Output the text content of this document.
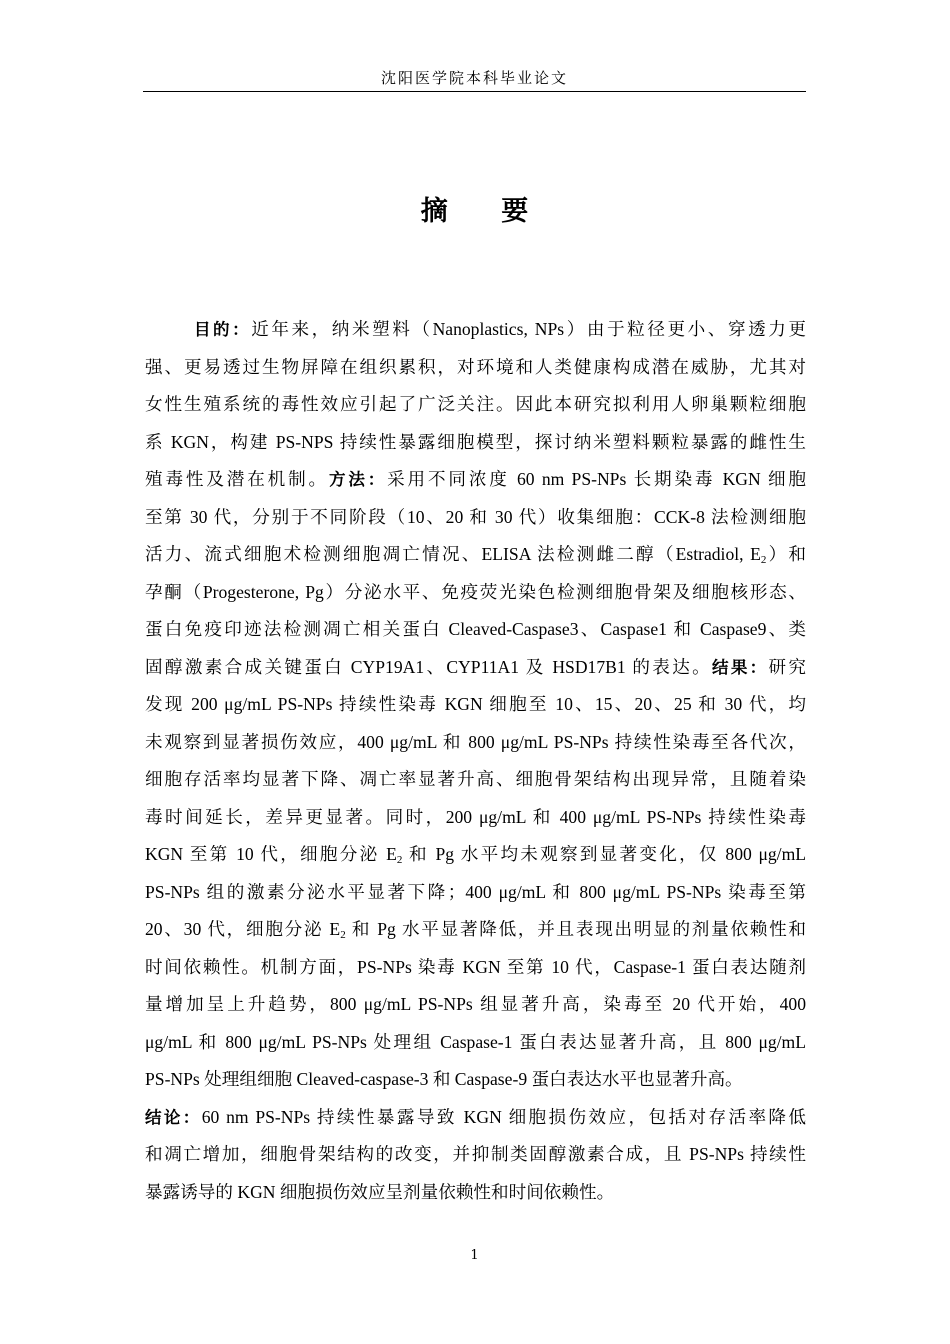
沈阳医学院本科毕业论文
摘 要
目的：近年来，纳米塑料（Nanoplastics, NPs）由于粒径更小、穿透力更
强、更易透过生物屏障在组织累积，对环境和人类健康构成潜在威胁，尤其对
女性生殖系统的毒性效应引起了广泛关注。因此本研究拟利用人卵巢颗粒细胞
系 KGN，构建 PS-NPS 持续性暴露细胞模型，探讨纳米塑料颗粒暴露的雌性生
殖毒性及潜在机制。方法：采用不同浓度 60 nm PS-NPs 长期染毒 KGN 细胞
至第 30 代，分别于不同阶段（10、20 和 30 代）收集细胞：CCK-8 法检测细胞
活力、流式细胞术检测细胞凋亡情况、ELISA 法检测雌二醇（Estradiol, $E_2$）和
孕酮（Progesterone, Pg）分泌水平、免疫荧光染色检测细胞骨架及细胞核形态、
蛋白免疫印迹法检测凋亡相关蛋白 Cleaved-Caspase3、Caspase1 和 Caspase9、类
固醇激素合成关键蛋白 CYP19A1、CYP11A1 及 HSD17B1 的表达。结果：研究
发现 200 μg/mL PS-NPs 持续性染毒 KGN 细胞至 10、15、20、25 和 30 代，均
未观察到显著损伤效应，400 μg/mL 和 800 μg/mL PS-NPs 持续性染毒至各代次，
细胞存活率均显著下降、凋亡率显著升高、细胞骨架结构出现异常，且随着染
毒时间延长，差异更显著。同时，200 μg/mL 和 400 μg/mL PS-NPs 持续性染毒
KGN 至第 10 代，细胞分泌 $E_2$ 和 Pg 水平均未观察到显著变化，仅 800 μg/mL
PS-NPs 组的激素分泌水平显著下降；400 μg/mL 和 800 μg/mL PS-NPs 染毒至第
20、30 代，细胞分泌 $E_2$ 和 Pg 水平显著降低，并且表现出明显的剂量依赖性和
时间依赖性。机制方面，PS-NPs 染毒 KGN 至第 10 代，Caspase-1 蛋白表达随剂
量增加呈上升趋势，800 μg/mL PS-NPs 组显著升高，染毒至 20 代开始，400
μg/mL 和 800 μg/mL PS-NPs 处理组 Caspase-1 蛋白表达显著升高，且 800 μg/mL
PS-NPs 处理组细胞 Cleaved-caspase-3 和 Caspase-9 蛋白表达水平也显著升高。
结论：60 nm PS-NPs 持续性暴露导致 KGN 细胞损伤效应，包括对存活率降低
和凋亡增加，细胞骨架结构的改变，并抑制类固醇激素合成，且 PS-NPs 持续性
暴露诱导的 KGN 细胞损伤效应呈剂量依赖性和时间依赖性。
1
